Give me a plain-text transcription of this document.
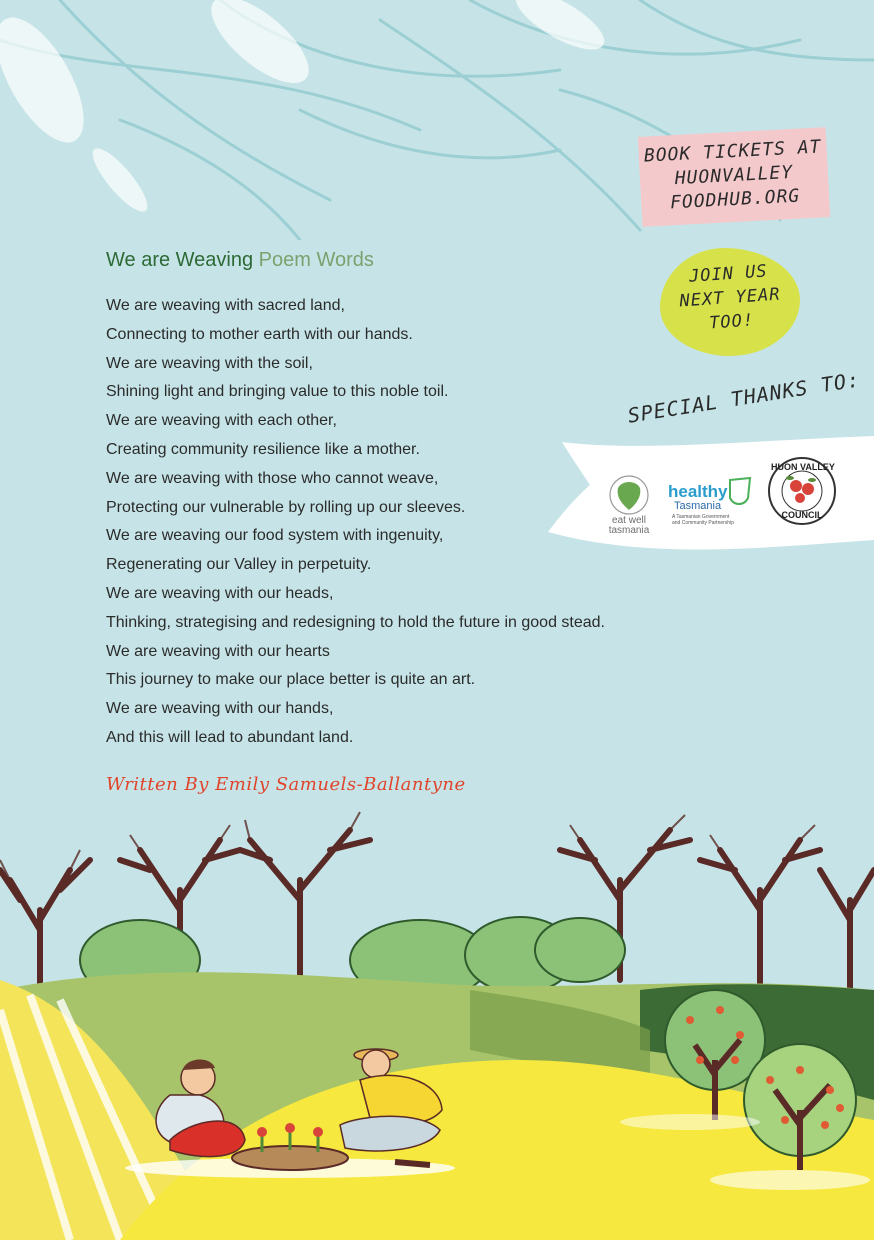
BOOK TICKETS AT
HUONVALLEY
FOODHUB.ORG
JOIN US
NEXT YEAR
TOO!
SPECIAL THANKS TO:
eat well
tasmania
healthy
Tasmania
A Tasmanian Government
and Community Partnership
HUON VALLEY
COUNCIL
We are Weaving Poem Words
We are weaving with sacred land,
Connecting to mother earth with our hands.
We are weaving with the soil,
Shining light and bringing value to this noble toil.
We are weaving with each other,
Creating community resilience like a mother.
We are weaving with those who cannot weave,
Protecting our vulnerable by rolling up our sleeves.
We are weaving our food system with ingenuity,
Regenerating our Valley in perpetuity.
We are weaving with our heads,
Thinking, strategising and redesigning to hold the future in good stead.
We are weaving with our hearts
This journey to make our place better is quite an art.
We are weaving with our hands,
And this will lead to abundant land.
Written By Emily Samuels-Ballantyne
